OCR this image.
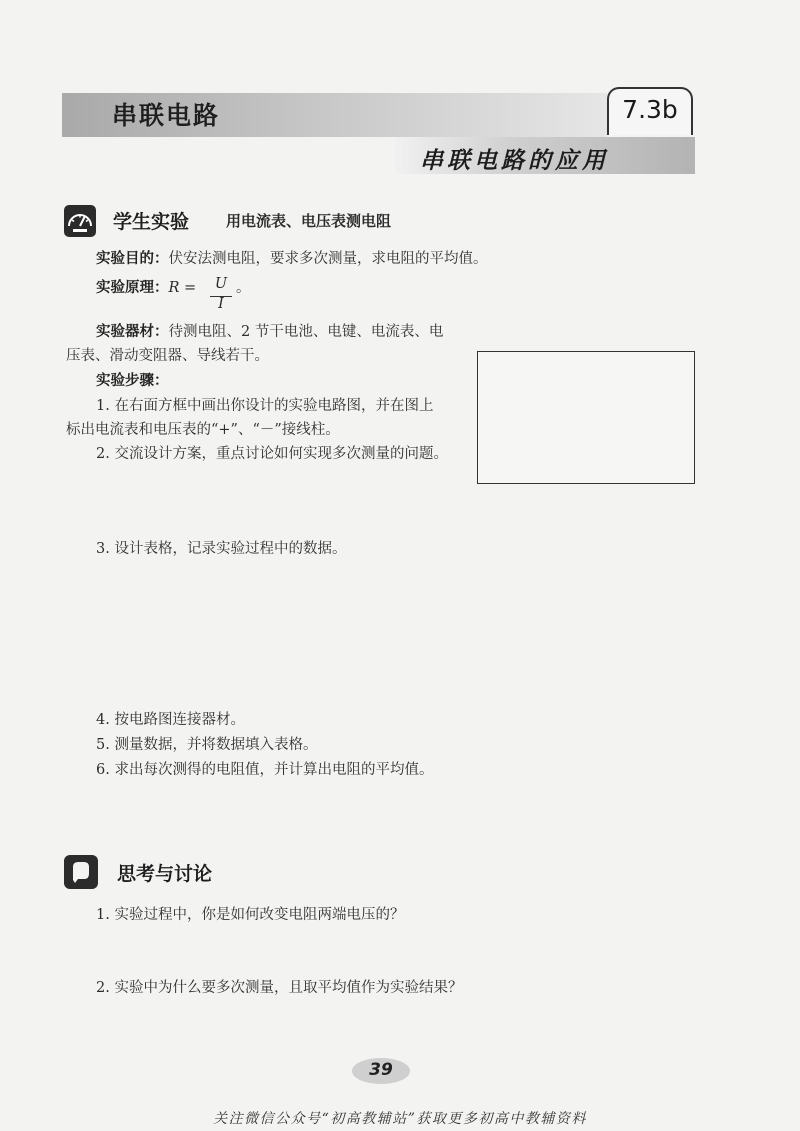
串联电路	7.3b
串联电路的应用
学生实验 用电流表、电压表测电阻
实验目的：伏安法测电阻，要求多次测量，求电阻的平均值。
实验原理：R =	U
I
。
实验器材：待测电阻、2 节干电池、电键、电流表、电
压表、滑动变阻器、导线若干。
实验步骤：
1. 在右面方框中画出你设计的实验电路图，并在图上
标出电流表和电压表的“+”、“－”接线柱。
2. 交流设计方案，重点讨论如何实现多次测量的问题。
3. 设计表格，记录实验过程中的数据。
4. 按电路图连接器材。
5. 测量数据，并将数据填入表格。
6. 求出每次测得的电阻值，并计算出电阻的平均值。
思考与讨论
1. 实验过程中，你是如何改变电阻两端电压的？
2. 实验中为什么要多次测量，且取平均值作为实验结果？
39
关注微信公众号“初高教辅站”获取更多初高中教辅资料
